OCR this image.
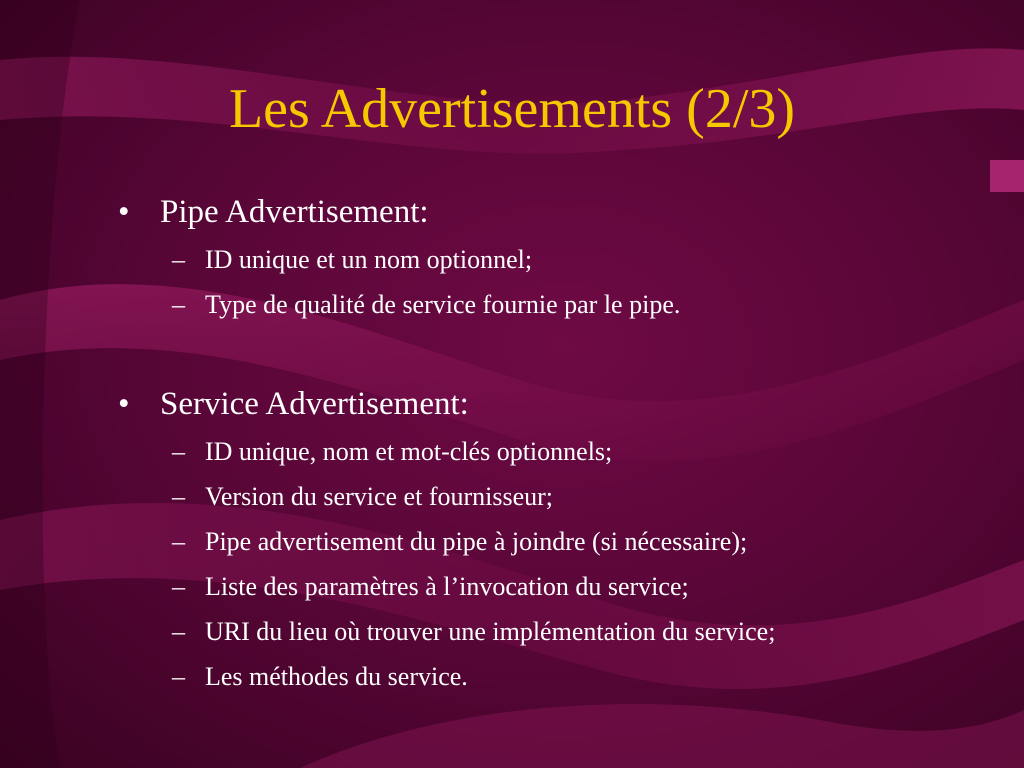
Les Advertisements (2/3)
• Pipe Advertisement:
– ID unique et un nom optionnel;
– Type de qualité de service fournie par le pipe.
• Service Advertisement:
– ID unique, nom et mot-clés optionnels;
– Version du service et fournisseur;
– Pipe advertisement du pipe à joindre (si nécessaire);
– Liste des paramètres à l’invocation du service;
– URI du lieu où trouver une implémentation du service;
– Les méthodes du service.
